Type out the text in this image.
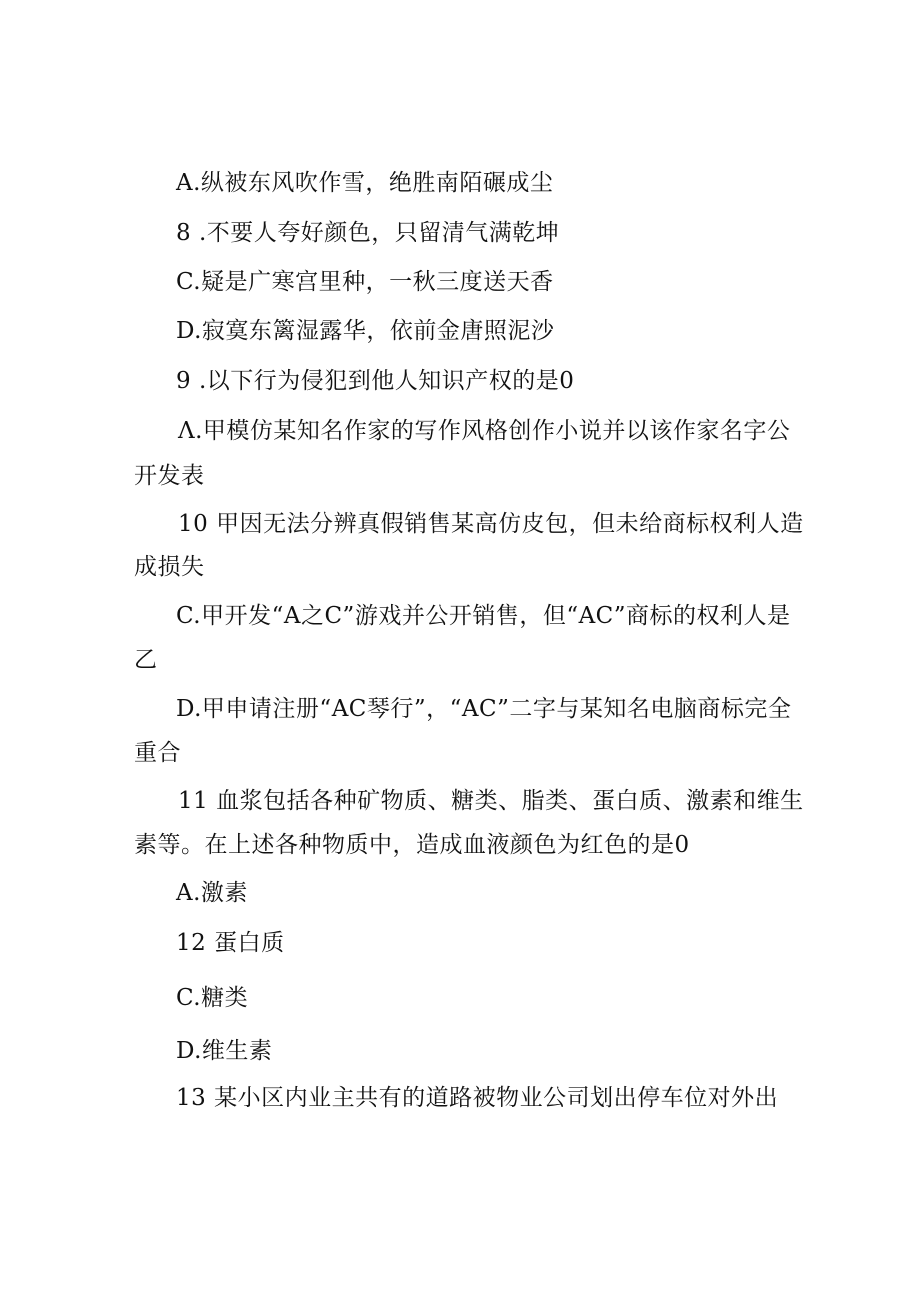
A.纵被东风吹作雪，绝胜南陌碾成尘
8 .不要人夸好颜色，只留清气满乾坤
C.疑是广寒宫里种，一秋三度送天香
D.寂寞东篱湿露华，依前金唐照泥沙
9 .以下行为侵犯到他人知识产权的是0
Λ.甲模仿某知名作家的写作风格创作小说并以该作家名字公
开发表
10 甲因无法分辨真假销售某高仿皮包，但未给商标权利人造
成损失
C.甲开发“A之C”游戏并公开销售，但“AC”商标的权利人是
乙
D.甲申请注册“AC琴行”，“AC”二字与某知名电脑商标完全
重合
11 血浆包括各种矿物质、糖类、脂类、蛋白质、激素和维生
素等。在上述各种物质中，造成血液颜色为红色的是0
A.激素
12 蛋白质
C.糖类
D.维生素
13 某小区内业主共有的道路被物业公司划出停车位对外出
